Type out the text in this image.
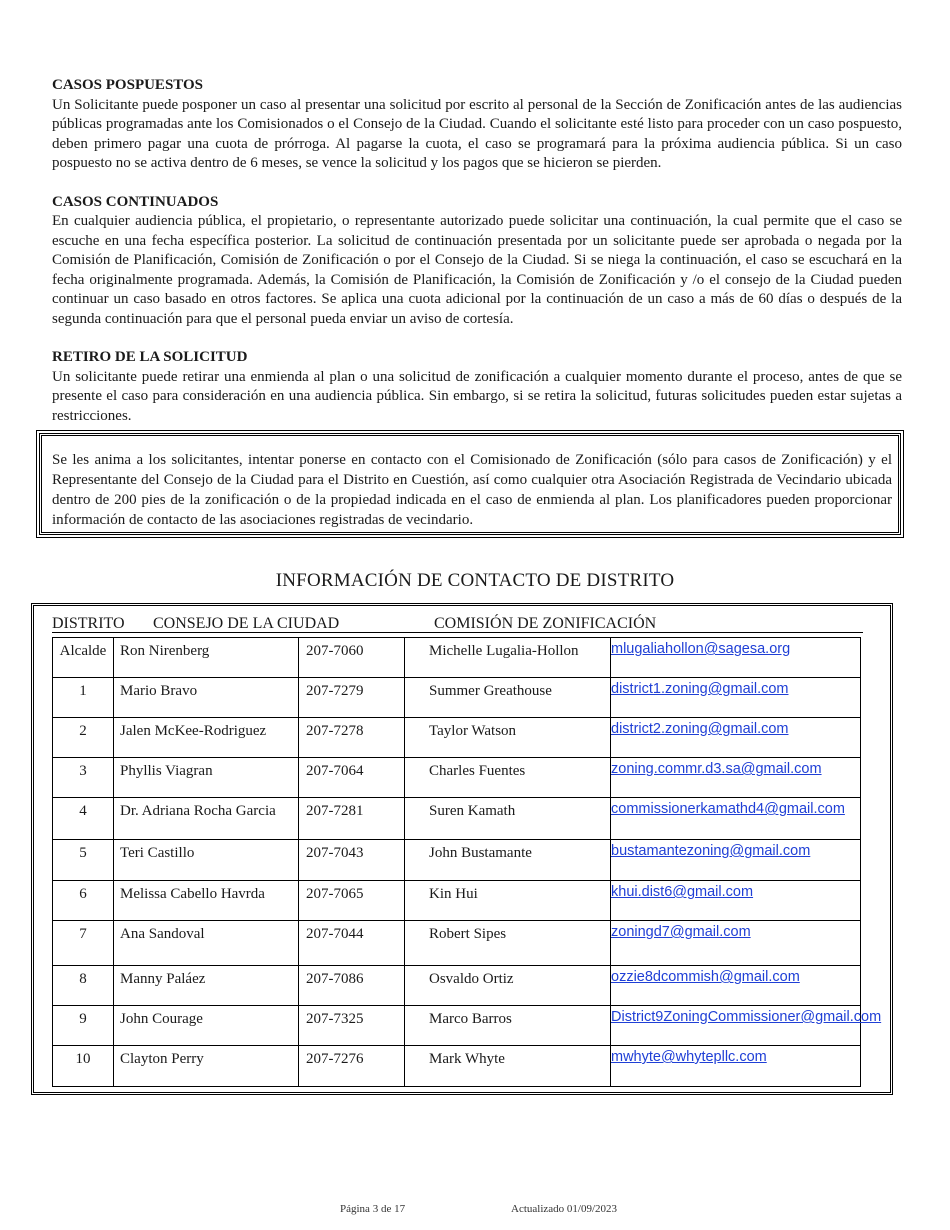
CASOS POSPUESTOS
Un Solicitante puede posponer un caso al presentar una solicitud por escrito al personal de la Sección de Zonificación antes de las audiencias públicas programadas ante los Comisionados o el Consejo de la Ciudad. Cuando el solicitante esté listo para proceder con un caso pospuesto, deben primero pagar una cuota de prórroga. Al pagarse la cuota, el caso se programará para la próxima audiencia pública. Si un caso pospuesto no se activa dentro de 6 meses, se vence la solicitud y los pagos que se hicieron se pierden.
CASOS CONTINUADOS
En cualquier audiencia pública, el propietario, o representante autorizado puede solicitar una continuación, la cual permite que el caso se escuche en una fecha específica posterior. La solicitud de continuación presentada por un solicitante puede ser aprobada o negada por la Comisión de Planificación, Comisión de Zonificación o por el Consejo de la Ciudad. Si se niega la continuación, el caso se escuchará en la fecha originalmente programada. Además, la Comisión de Planificación, la Comisión de Zonificación y /o el consejo de la Ciudad pueden continuar un caso basado en otros factores. Se aplica una cuota adicional por la continuación de un caso a más de 60 días o después de la segunda continuación para que el personal pueda enviar un aviso de cortesía.
RETIRO DE LA SOLICITUD
Un solicitante puede retirar una enmienda al plan o una solicitud de zonificación a cualquier momento durante el proceso, antes de que se presente el caso para consideración en una audiencia pública. Sin embargo, si se retira la solicitud, futuras solicitudes pueden estar sujetas a restricciones.
Se les anima a los solicitantes, intentar ponerse en contacto con el Comisionado de Zonificación (sólo para casos de Zonificación) y el Representante del Consejo de la Ciudad para el Distrito en Cuestión, así como cualquier otra Asociación Registrada de Vecindario ubicada dentro de 200 pies de la zonificación o de la propiedad indicada en el caso de enmienda al plan. Los planificadores pueden proporcionar información de contacto de las asociaciones registradas de vecindario.
INFORMACIÓN DE CONTACTO DE DISTRITO
DISTRITO CONSEJO DE LA CIUDAD	COMISIÓN DE ZONIFICACIÓN
Alcalde	Ron Nirenberg	207-7060	Michelle Lugalia-Hollon	mlugaliahollon@sagesa.org
1	Mario Bravo	207-7279	Summer Greathouse	district1.zoning@gmail.com
2	Jalen McKee-Rodriguez	207-7278	Taylor Watson	district2.zoning@gmail.com
3	Phyllis Viagran	207-7064	Charles Fuentes	zoning.commr.d3.sa@gmail.com
4	Dr. Adriana Rocha Garcia	207-7281	Suren Kamath	commissionerkamathd4@gmail.com
5	Teri Castillo	207-7043	John Bustamante	bustamantezoning@gmail.com
6	Melissa Cabello Havrda	207-7065	Kin Hui	khui.dist6@gmail.com
7	Ana Sandoval	207-7044	Robert Sipes	zoningd7@gmail.com
8	Manny Paláez	207-7086	Osvaldo Ortiz	ozzie8dcommish@gmail.com
9	John Courage	207-7325	Marco Barros	District9ZoningCommissioner@gmail.com
10	Clayton Perry	207-7276	Mark Whyte	mwhyte@whytepllc.com
Página 3 de 17	Actualizado 01/09/2023
